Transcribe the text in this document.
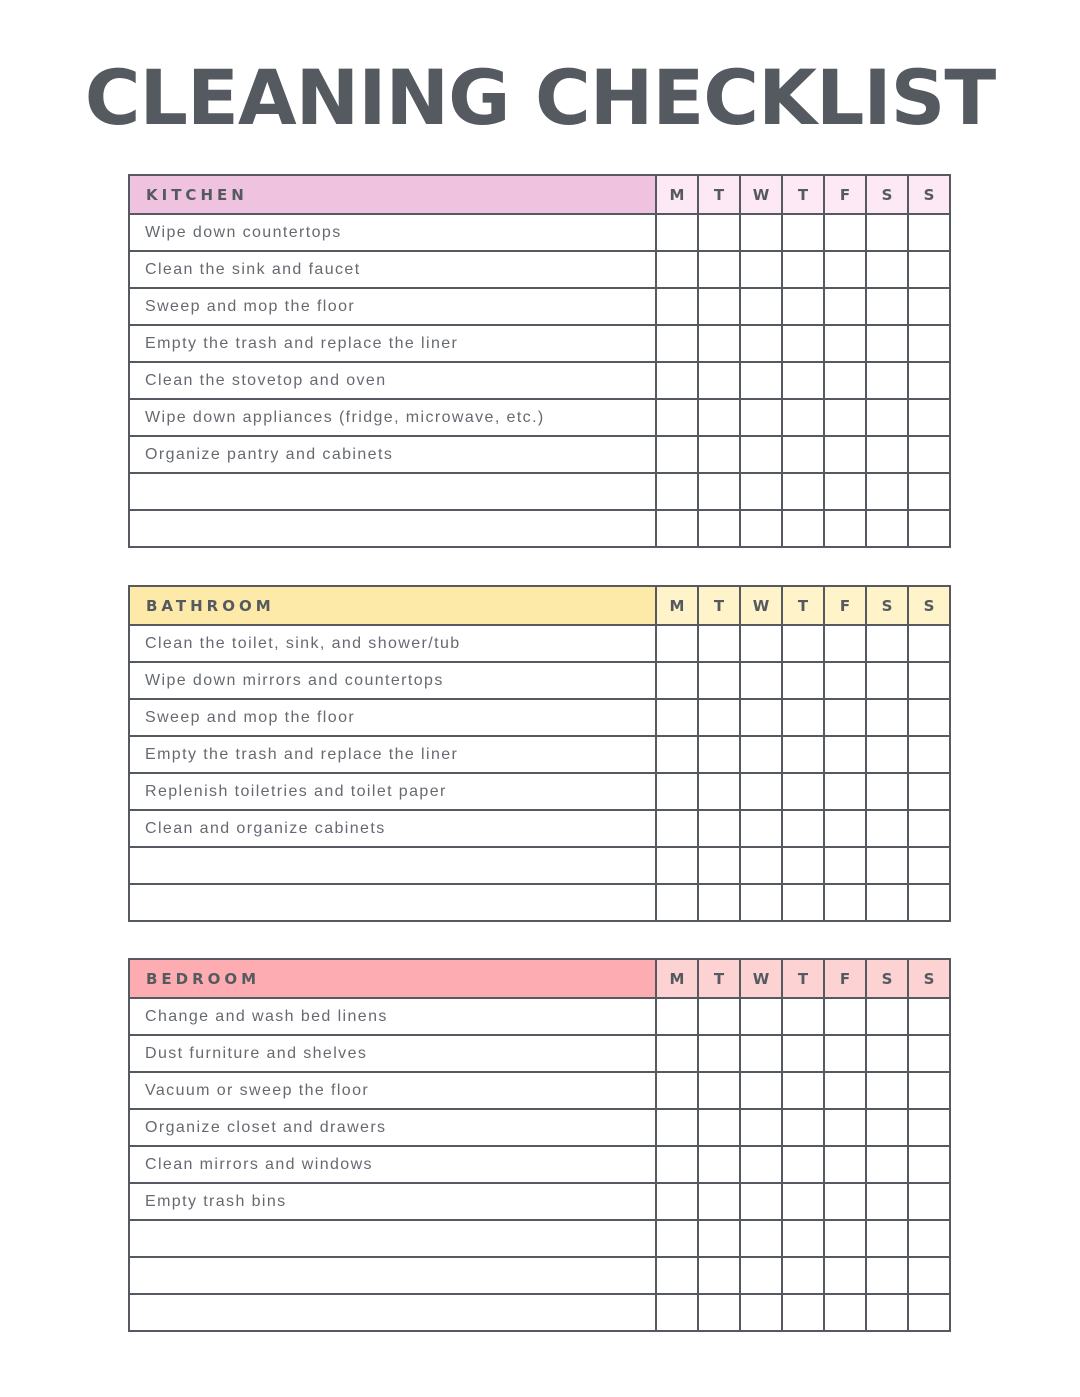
CLEANING CHECKLIST
KITCHEN	M	T	W	T	F	S	S
Wipe down countertops							
Clean the sink and faucet							
Sweep and mop the floor							
Empty the trash and replace the liner							
Clean the stovetop and oven							
Wipe down appliances (fridge, microwave, etc.)							
Organize pantry and cabinets							

BATHROOM	M	T	W	T	F	S	S
Clean the toilet, sink, and shower/tub							
Wipe down mirrors and countertops							
Sweep and mop the floor							
Empty the trash and replace the liner							
Replenish toiletries and toilet paper							
Clean and organize cabinets							

BEDROOM	M	T	W	T	F	S	S
Change and wash bed linens							
Dust furniture and shelves							
Vacuum or sweep the floor							
Organize closet and drawers							
Clean mirrors and windows							
Empty trash bins							
